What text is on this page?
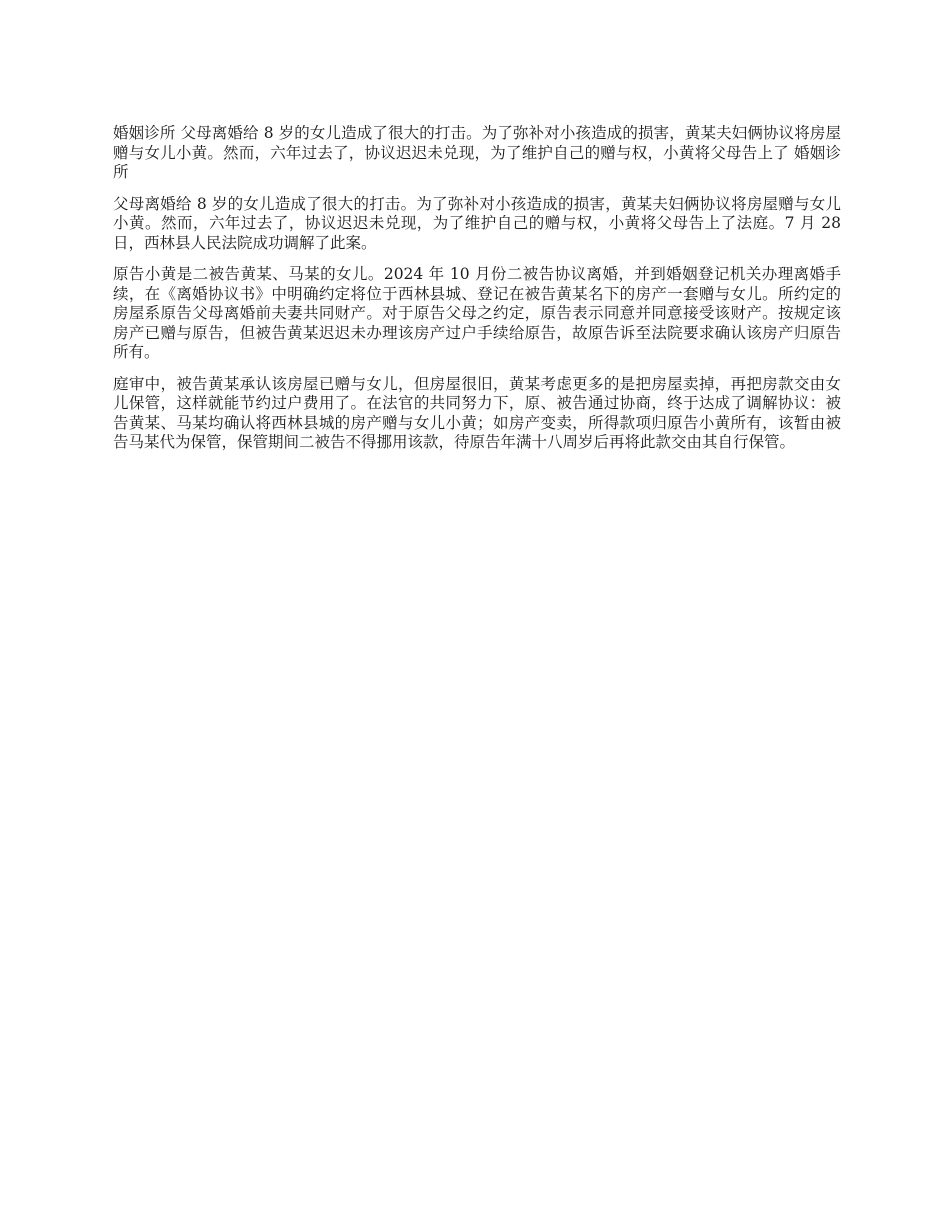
婚姻诊所 父母离婚给 8 岁的女儿造成了很大的打击。为了弥补对小孩造成的损害，黄某夫妇俩协议将房屋赠与女儿小黄。然而，六年过去了，协议迟迟未兑现，为了维护自己的赠与权，小黄将父母告上了 婚姻诊所

父母离婚给 8 岁的女儿造成了很大的打击。为了弥补对小孩造成的损害，黄某夫妇俩协议将房屋赠与女儿小黄。然而，六年过去了，协议迟迟未兑现，为了维护自己的赠与权，小黄将父母告上了法庭。7 月 28 日，西林县人民法院成功调解了此案。

原告小黄是二被告黄某、马某的女儿。2024 年 10 月份二被告协议离婚，并到婚姻登记机关办理离婚手续，在《离婚协议书》中明确约定将位于西林县城、登记在被告黄某名下的房产一套赠与女儿。所约定的房屋系原告父母离婚前夫妻共同财产。对于原告父母之约定，原告表示同意并同意接受该财产。按规定该房产已赠与原告，但被告黄某迟迟未办理该房产过户手续给原告，故原告诉至法院要求确认该房产归原告所有。

庭审中，被告黄某承认该房屋已赠与女儿，但房屋很旧，黄某考虑更多的是把房屋卖掉，再把房款交由女儿保管，这样就能节约过户费用了。在法官的共同努力下，原、被告通过协商，终于达成了调解协议：被告黄某、马某均确认将西林县城的房产赠与女儿小黄；如房产变卖，所得款项归原告小黄所有，该暂由被告马某代为保管，保管期间二被告不得挪用该款，待原告年满十八周岁后再将此款交由其自行保管。
